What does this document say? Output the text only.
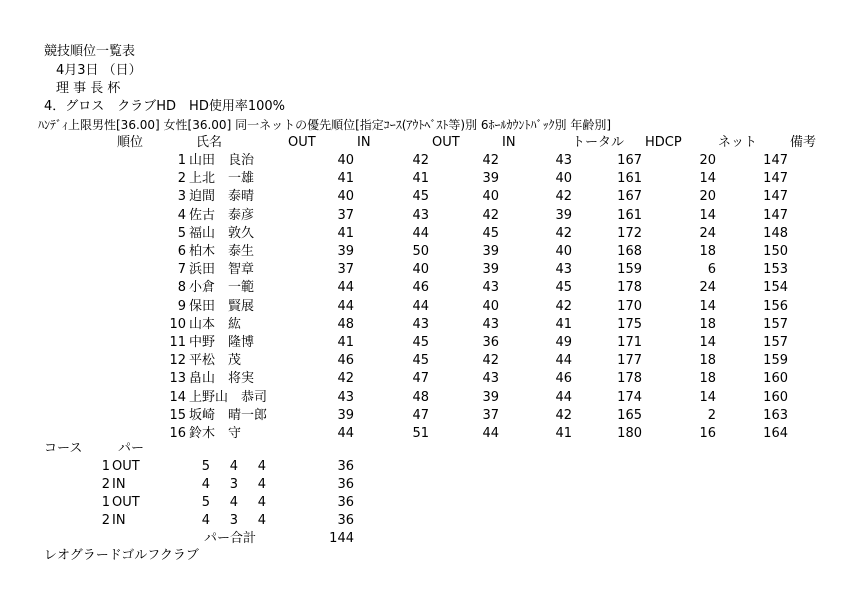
競技順位一覧表
4月3日 （日）
理 事 長 杯
4．グロス　クラブHD　HD使用率100%
ﾊﾝﾃﾞｨ上限男性[36.00] 女性[36.00] 同一ネットの優先順位[指定ｺｰｽ(ｱｳﾄﾍﾞｽﾄ等)別 6ﾎｰﾙｶｳﾝﾄﾊﾞｯｸ別 年齢別]
順位	氏名	OUT	IN	OUT	IN	トータル HDCP	ネット	備考
1 山田　良治	40	42	42	43	167	20	147
2 上北　一雄	41	41	39	40	161	14	147
3 迫間　泰晴	40	45	40	42	167	20	147
4 佐古　泰彦	37	43	42	39	161	14	147
5 福山　敦久	41	44	45	42	172	24	148
6 柏木　泰生	39	50	39	40	168	18	150
7 浜田　智章	37	40	39	43	159	6	153
8 小倉　一範	44	46	43	45	178	24	154
9 保田　賢展	44	44	40	42	170	14	156
10 山本　紘	48	43	43	41	175	18	157
11 中野　隆博	41	45	36	49	171	14	157
12 平松　茂	46	45	42	44	177	18	159
13 畠山　将実	42	47	43	46	178	18	160
14 上野山　恭司	43	48	39	44	174	14	160
15 坂崎　晴一郎	39	47	37	42	165	2	163
16 鈴木　守	44	51	44	41	180	16	164
コース	パー
1 OUT	5	4	4	36
2 IN	4	3	4	36
1 OUT	5	4	4	36
2 IN	4	3	4	36
パー合計	144
レオグラードゴルフクラブ
